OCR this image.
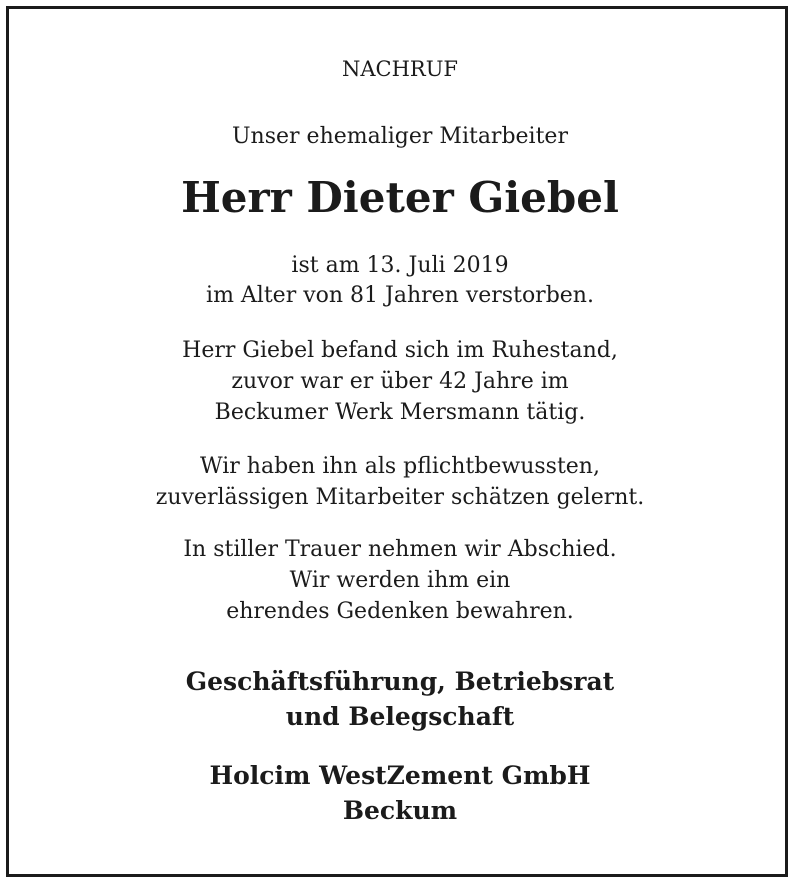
NACHRUF
Unser ehemaliger Mitarbeiter
Herr Dieter Giebel
ist am 13. Juli 2019
im Alter von 81 Jahren verstorben.
Herr Giebel befand sich im Ruhestand,
zuvor war er über 42 Jahre im
Beckumer Werk Mersmann tätig.
Wir haben ihn als pflichtbewussten,
zuverlässigen Mitarbeiter schätzen gelernt.
In stiller Trauer nehmen wir Abschied.
Wir werden ihm ein
ehrendes Gedenken bewahren.
Geschäftsführung, Betriebsrat
und Belegschaft
Holcim WestZement GmbH
Beckum
